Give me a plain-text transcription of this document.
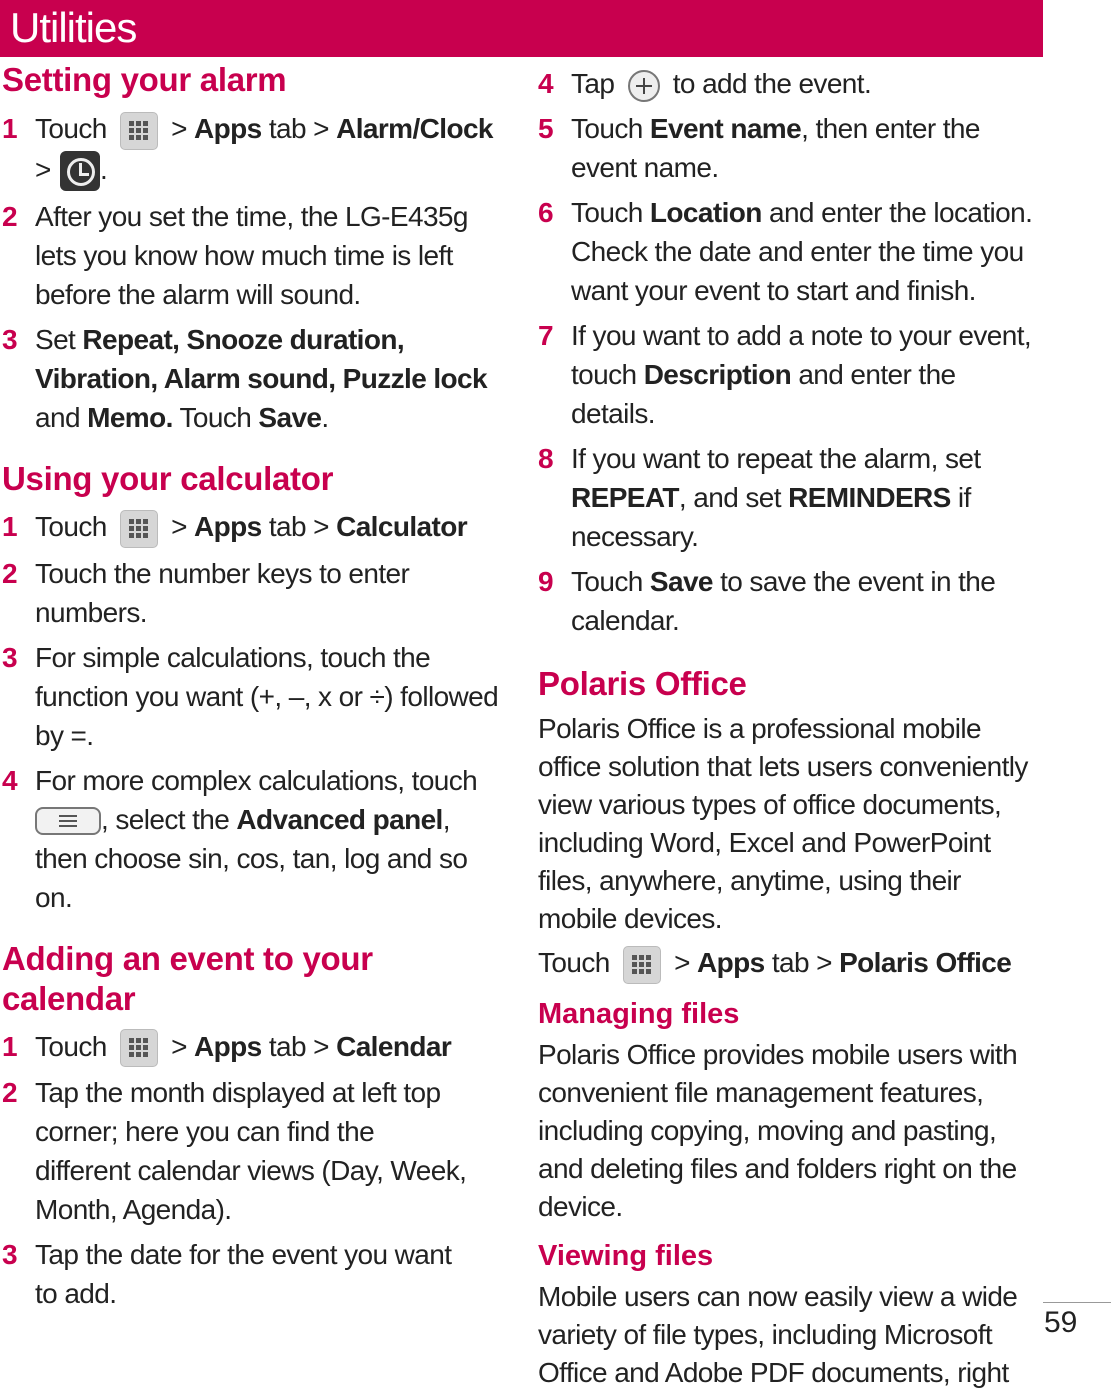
Utilities
Setting your alarm
1 Touch > Apps tab > Alarm/Clock
> .
2 After you set the time, the LG-E435g lets you know how much time is left before the alarm will sound.
3 Set Repeat, Snooze duration, Vibration, Alarm sound, Puzzle lock and Memo. Touch Save.
Using your calculator
1 Touch > Apps tab > Calculator
2 Touch the number keys to enter numbers.
3 For simple calculations, touch the function you want (+, –, x or ÷) followed by =.
4 For more complex calculations, touch
, select the Advanced panel, then choose sin, cos, tan, log and so on.
Adding an event to your calendar
1 Touch > Apps tab > Calendar
2 Tap the month displayed at left top corner; here you can find the different calendar views (Day, Week, Month, Agenda).
3 Tap the date for the event you want to add.
4 Tap to add the event.
5 Touch Event name, then enter the event name.
6 Touch Location and enter the location. Check the date and enter the time you want your event to start and finish.
7 If you want to add a note to your event, touch Description and enter the details.
8 If you want to repeat the alarm, set REPEAT, and set REMINDERS if necessary.
9 Touch Save to save the event in the calendar.
Polaris Office

Polaris Office is a professional mobile office solution that lets users conveniently view various types of office documents, including Word, Excel and PowerPoint files, anywhere, anytime, using their mobile devices.

Touch > Apps tab > Polaris Office

Managing files

Polaris Office provides mobile users with convenient file management features, including copying, moving and pasting, and deleting files and folders right on the device.

Viewing files

Mobile users can now easily view a wide variety of file types, including Microsoft Office and Adobe PDF documents, right

59
